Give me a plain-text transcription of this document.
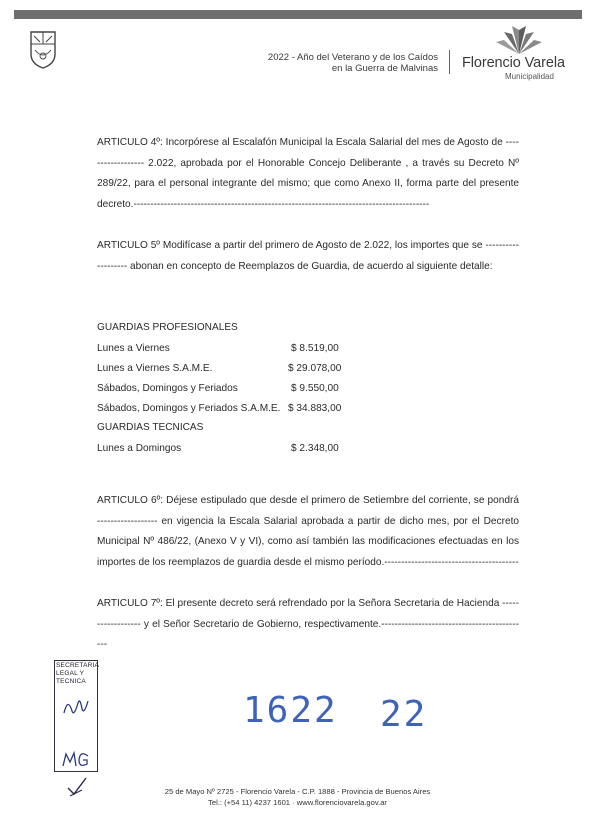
2022 - Año del Veterano y de los Caídos
en la Guerra de Malvinas Florencio Varela
Municipalidad
ARTICULO 4º: Incorpórese al Escalafón Municipal la Escala Salarial del mes de Agosto de ------------------ 2.022, aprobada por el Honorable Concejo Deliberante , a través su Decreto Nº 289/22, para el personal integrante del mismo; que como Anexo II, forma parte del presente decreto.----------------------------------------------------------------------------------------
ARTICULO 5º Modifícase a partir del primero de Agosto de 2.022, los importes que se ------------------- abonan en concepto de Reemplazos de Guardia, de acuerdo al siguiente detalle:
GUARDIAS PROFESIONALES
Lunes a Viernes	$ 8.519,00
Lunes a Viernes S.A.M.E.	$ 29.078,00
Sábados, Domingos y Feriados	$ 9.550,00
Sábados, Domingos y Feriados S.A.M.E. $ 34.883,00
GUARDIAS TECNICAS
Lunes a Domingos	$ 2.348,00
ARTICULO 6º: Déjese estipulado que desde el primero de Setiembre del corriente, se pondrá ------------------ en vigencia la Escala Salarial aprobada a partir de dicho mes, por el Decreto Municipal Nº 486/22, (Anexo V y VI), como así también las modificaciones efectuadas en los importes de los reemplazos de guardia desde el mismo período.----------------------------------------
ARTICULO 7º: El presente decreto será refrendado por la Señora Secretaria de Hacienda ------------------ y el Señor Secretario de Gobierno, respectivamente.--------------------------------------------
SECRETARIA
LEGAL Y
TECNICA
1622 22
25 de Mayo Nº 2725 - Florencio Varela - C.P. 1888 - Provincia de Buenos Aires
Tel.: (+54 11) 4237 1601 · www.florenciovarela.gov.ar
